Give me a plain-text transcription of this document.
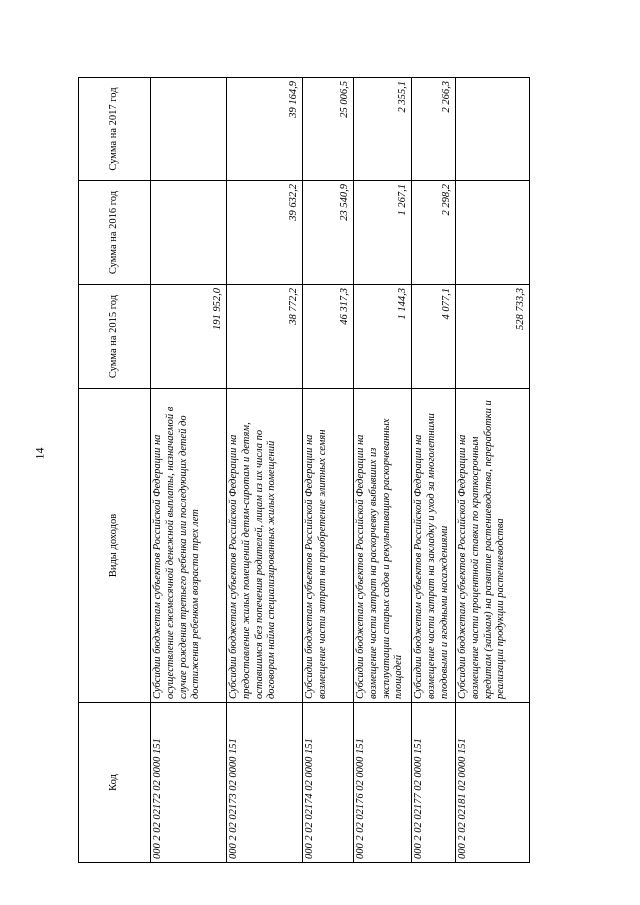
14
Код	Виды доходов	Сумма на 2015 год	Сумма на 2016 год	Сумма на 2017 год
000 2 02 02172 02 0000 151	Субсидии бюджетам субъектов Российской Федерации на осуществление ежемесячной денежной выплаты, назначаемой в случае рождения третьего ребенка или последующих детей до достижения ребенком возраста трех лет	191 952,0		
000 2 02 02173 02 0000 151	Субсидии бюджетам субъектов Российской Федерации на предоставление жилых помещений детям-сиротам и детям, оставшимся без попечения родителей, лицам из их числа по договорам найма специализированных жилых помещений	38 772,2	39 632,2	39 164,9
000 2 02 02174 02 0000 151	Субсидии бюджетам субъектов Российской Федерации на возмещение части затрат на приобретение элитных семян	46 317,3	23 540,9	25 006,5
000 2 02 02176 02 0000 151	Субсидии бюджетам субъектов Российской Федерации на возмещение части затрат на раскорчевку выбывших из эксплуатации старых садов и рекультивацию раскорчеванных площадей	1 144,3	1 267,1	2 355,1
000 2 02 02177 02 0000 151	Субсидии бюджетам субъектов Российской Федерации на возмещение части затрат на закладку и уход за многолетними плодовыми и ягодными насаждениями	4 077,1	2 298,2	2 266,3
000 2 02 02181 02 0000 151	Субсидии бюджетам субъектов Российской Федерации на возмещение части процентной ставки по краткосрочным кредитам (займам) на развитие растениеводства, переработки и реализации продукции растениеводства	528 733,3		
